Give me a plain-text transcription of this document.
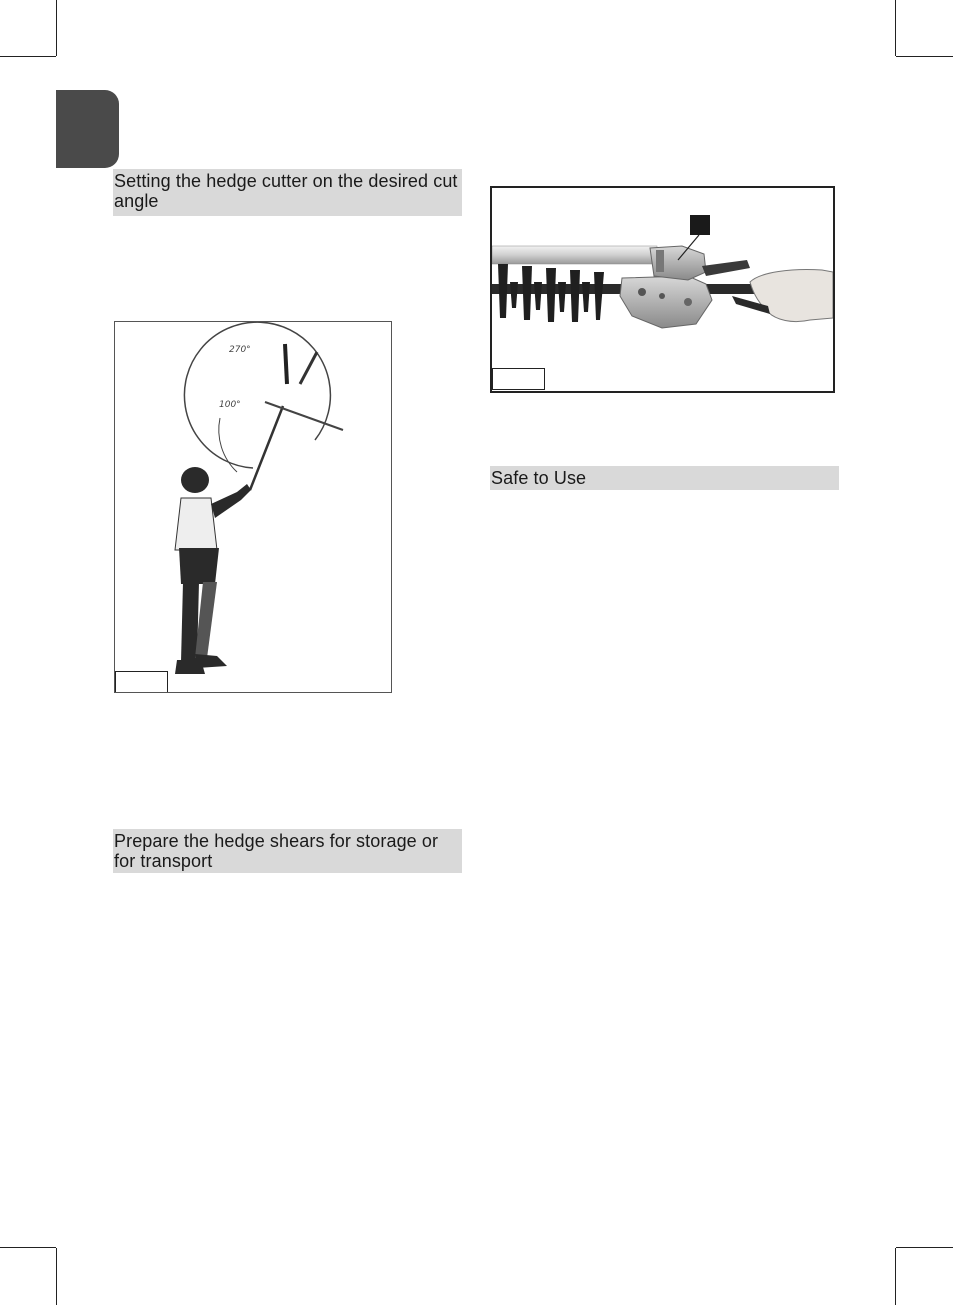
Setting the hedge cutter on the desired cut angle
270°
100°
Safe to Use
Prepare the hedge shears for storage or for transport
